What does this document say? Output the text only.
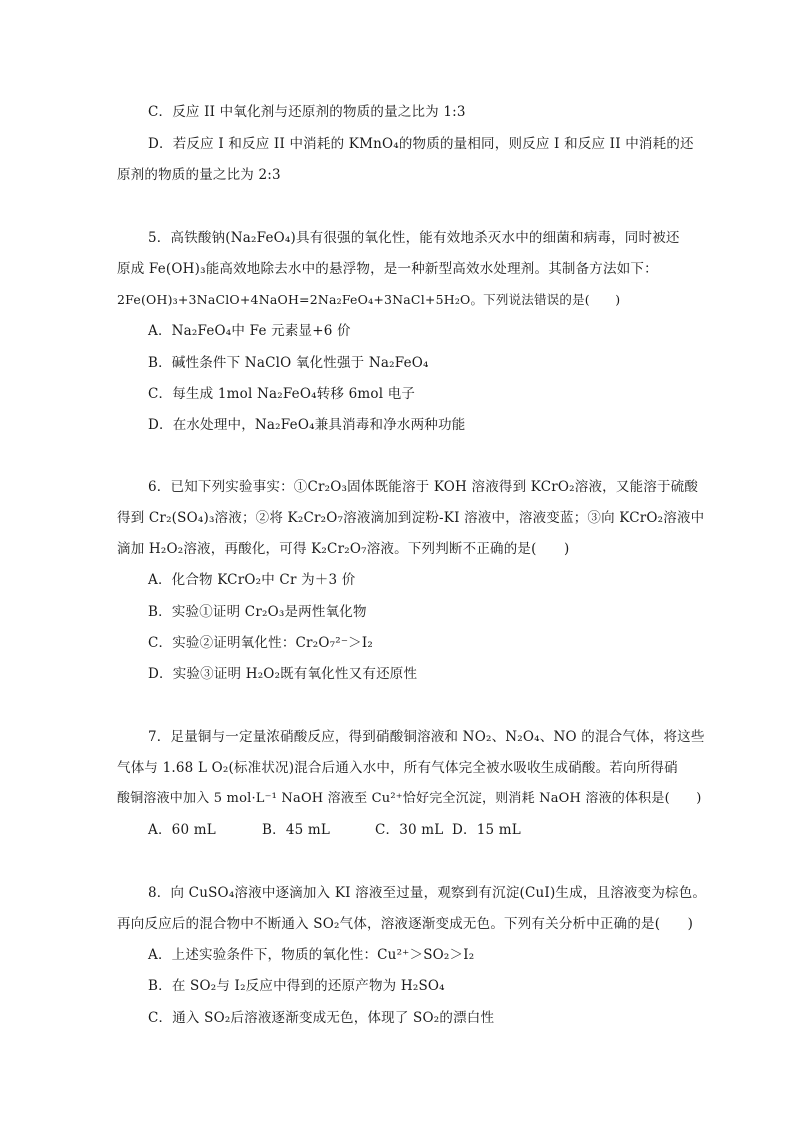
C．反应 II 中氧化剂与还原剂的物质的量之比为 1:3
D．若反应 I 和反应 II 中消耗的 KMnO₄的物质的量相同，则反应 I 和反应 II 中消耗的还
原剂的物质的量之比为 2:3
5．高铁酸钠(Na₂FeO₄)具有很强的氧化性，能有效地杀灭水中的细菌和病毒，同时被还
原成 Fe(OH)₃能高效地除去水中的悬浮物，是一种新型高效水处理剂。其制备方法如下：
2Fe(OH)₃+3NaClO+4NaOH=2Na₂FeO₄+3NaCl+5H₂O。下列说法错误的是(　　)
A．Na₂FeO₄中 Fe 元素显+6 价
B．碱性条件下 NaClO 氧化性强于 Na₂FeO₄
C．每生成 1mol Na₂FeO₄转移 6mol 电子
D．在水处理中，Na₂FeO₄兼具消毒和净水两种功能
6．已知下列实验事实：①Cr₂O₃固体既能溶于 KOH 溶液得到 KCrO₂溶液，又能溶于硫酸
得到 Cr₂(SO₄)₃溶液；②将 K₂Cr₂O₇溶液滴加到淀粉-KI 溶液中，溶液变蓝；③向 KCrO₂溶液中
滴加 H₂O₂溶液，再酸化，可得 K₂Cr₂O₇溶液。下列判断不正确的是(　　)
A．化合物 KCrO₂中 Cr 为＋3 价
B．实验①证明 Cr₂O₃是两性氧化物
C．实验②证明氧化性：Cr₂O₇²⁻＞I₂
D．实验③证明 H₂O₂既有氧化性又有还原性
7．足量铜与一定量浓硝酸反应，得到硝酸铜溶液和 NO₂、N₂O₄、NO 的混合气体，将这些
气体与 1.68 L O₂(标准状况)混合后通入水中，所有气体完全被水吸收生成硝酸。若向所得硝
酸铜溶液中加入 5 mol·L⁻¹ NaOH 溶液至 Cu²⁺恰好完全沉淀，则消耗 NaOH 溶液的体积是(　　)
A．60 mL	B．45 mL	C．30 mL D．15 mL
8．向 CuSO₄溶液中逐滴加入 KI 溶液至过量，观察到有沉淀(CuI)生成，且溶液变为棕色。
再向反应后的混合物中不断通入 SO₂气体，溶液逐渐变成无色。下列有关分析中正确的是(　　)
A．上述实验条件下，物质的氧化性：Cu²⁺＞SO₂＞I₂
B．在 SO₂与 I₂反应中得到的还原产物为 H₂SO₄
C．通入 SO₂后溶液逐渐变成无色，体现了 SO₂的漂白性
